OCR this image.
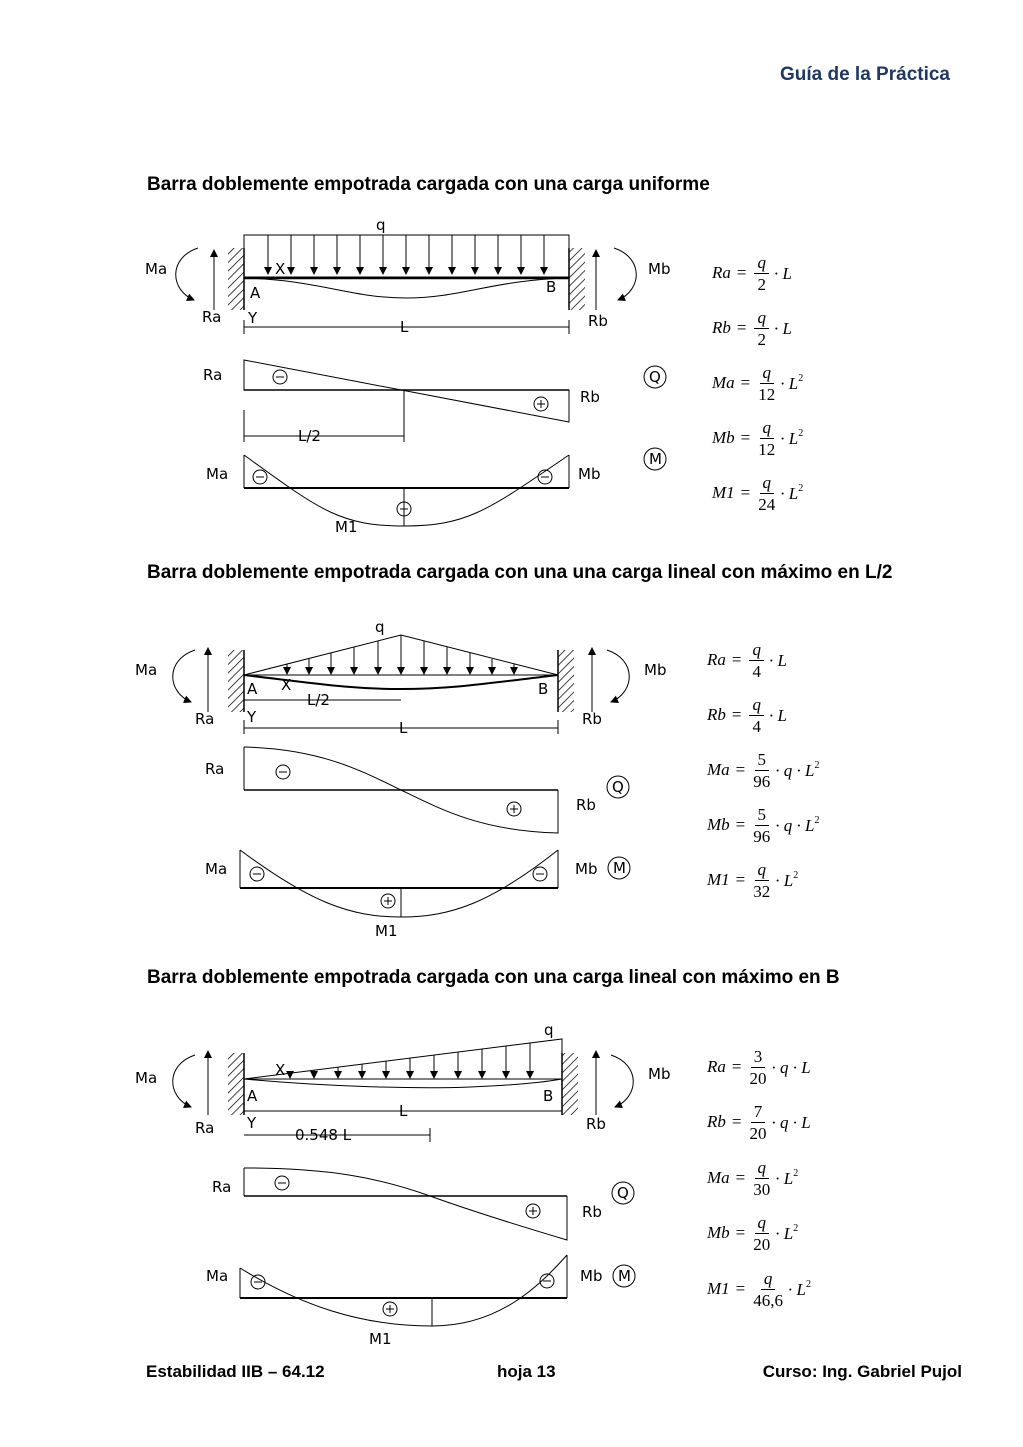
Guía de la Práctica
Barra doblemente empotrada cargada con una carga uniforme
q
A	B
X
Y	L
Ra	Rb
Ma	Mb
Ra
Rb
Q
L/2
Ma	Mb
M1
M
$Ra = \frac{q}{2} \cdot L$
$Rb = \frac{q}{2} \cdot L$
$Ma = \frac{q}{12} \cdot L^2$
$Mb = \frac{q}{12} \cdot L^2$
$M1 = \frac{q}{24} \cdot L^2$
Barra doblemente empotrada cargada con una una carga lineal con máximo en L/2
q
A	B
X
Y
L/2
L
Ra	Rb
Ma	Mb
Ra
Rb
Q
Ma	Mb
M1
M
$Ra = \frac{q}{4} \cdot L$
$Rb = \frac{q}{4} \cdot L$
$Ma = \frac{5}{96} \cdot q \cdot L^2$
$Mb = \frac{5}{96} \cdot q \cdot L^2$
$M1 = \frac{q}{32} \cdot L^2$
Barra doblemente empotrada cargada con una carga lineal con máximo en B
q
A	B
X
Y
L
0.548 L
Ra	Rb
Ma	Mb
Ra
Rb
Q
Ma	Mb
M1
M
$Ra = \frac{3}{20} \cdot q \cdot L$
$Rb = \frac{7}{20} \cdot q \cdot L$
$Ma = \frac{q}{30} \cdot L^2$
$Mb = \frac{q}{20} \cdot L^2$
$M1 = \frac{q}{46,6} \cdot L^2$
Estabilidad IIB – 64.12	hoja 13	Curso: Ing. Gabriel Pujol
